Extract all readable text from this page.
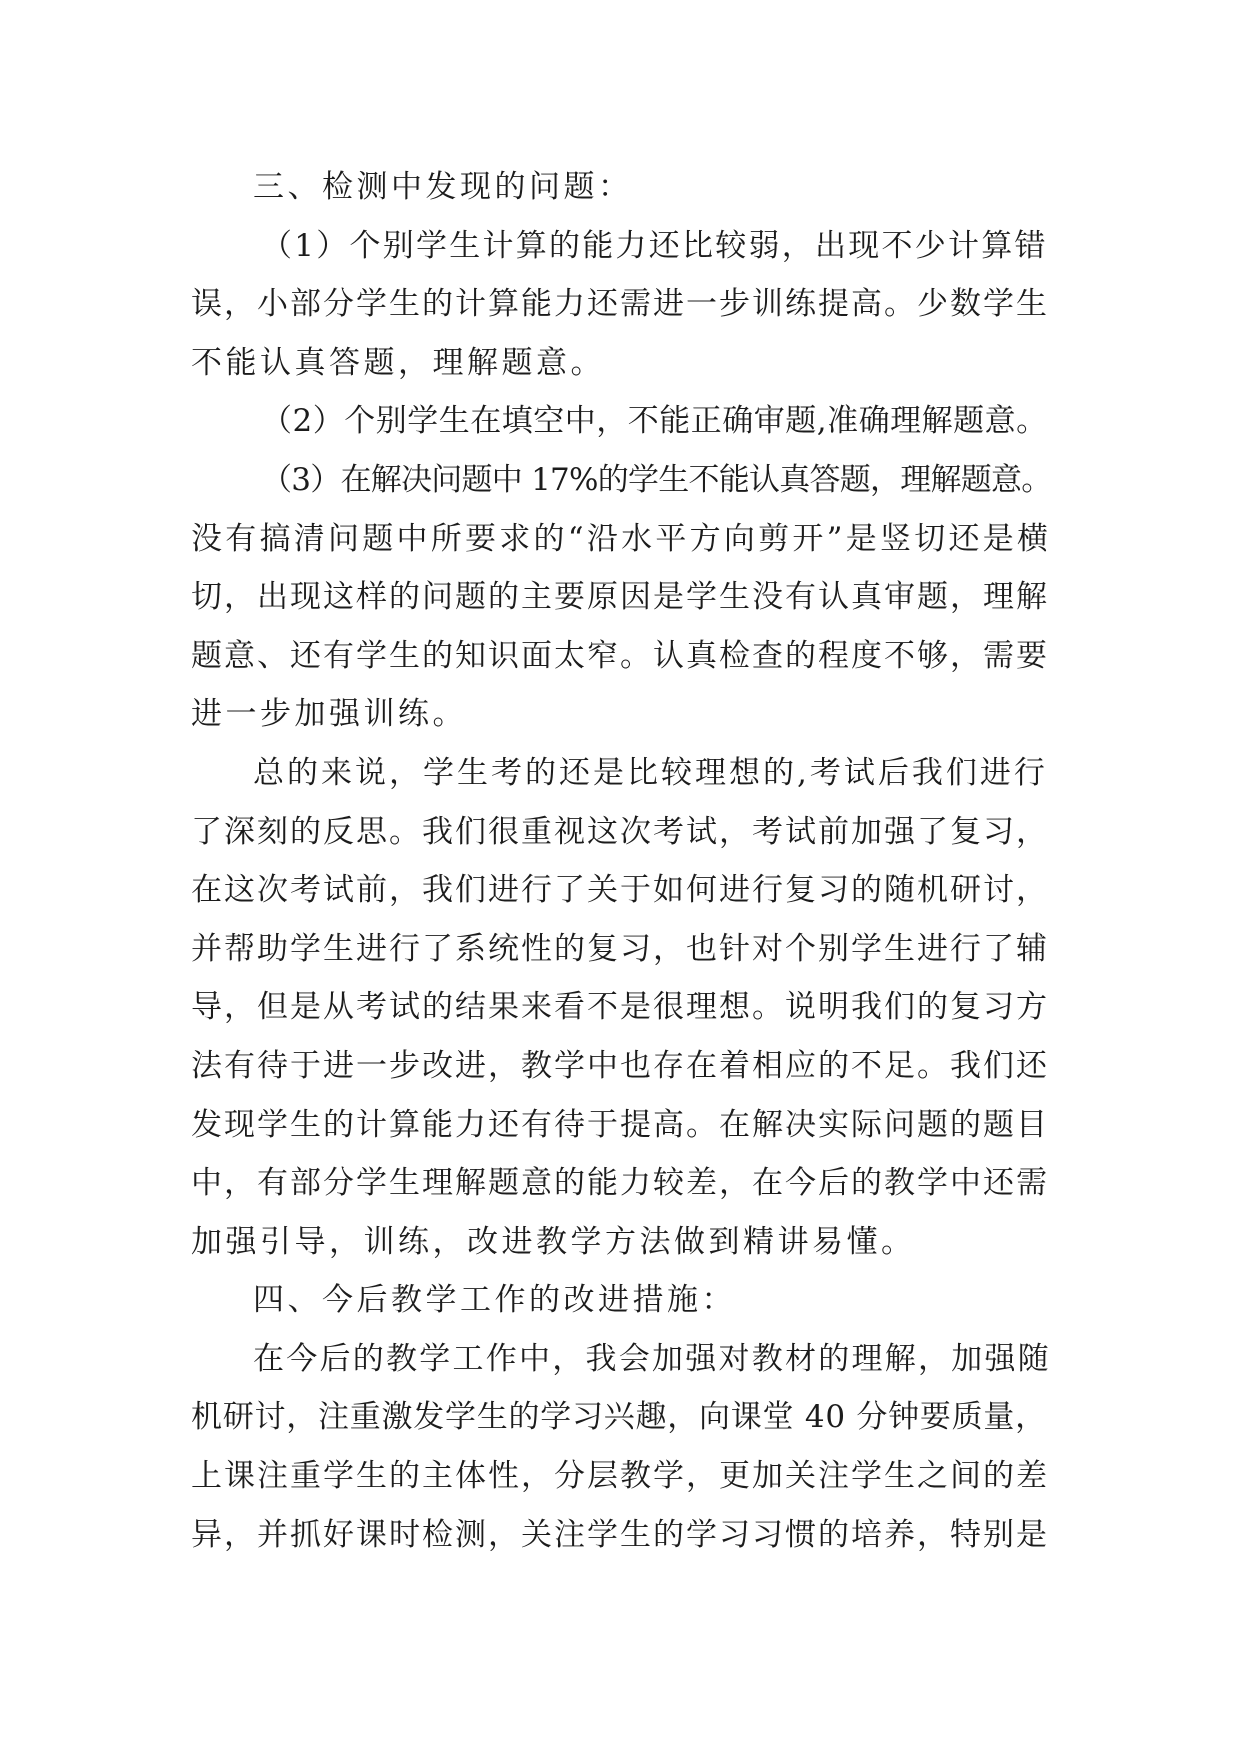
三、检测中发现的问题：
（1）个别学生计算的能力还比较弱，出现不少计算错
误，小部分学生的计算能力还需进一步训练提高。少数学生
不能认真答题，理解题意。
（2）个别学生在填空中，不能正确审题,准确理解题意。
（3）在解决问题中 17%的学生不能认真答题，理解题意。
没有搞清问题中所要求的“沿水平方向剪开”是竖切还是横
切，出现这样的问题的主要原因是学生没有认真审题，理解
题意、还有学生的知识面太窄。认真检查的程度不够，需要
进一步加强训练。
总的来说，学生考的还是比较理想的,考试后我们进行
了深刻的反思。我们很重视这次考试，考试前加强了复习，
在这次考试前，我们进行了关于如何进行复习的随机研讨，
并帮助学生进行了系统性的复习，也针对个别学生进行了辅
导，但是从考试的结果来看不是很理想。说明我们的复习方
法有待于进一步改进，教学中也存在着相应的不足。我们还
发现学生的计算能力还有待于提高。在解决实际问题的题目
中，有部分学生理解题意的能力较差，在今后的教学中还需
加强引导，训练，改进教学方法做到精讲易懂。
四、今后教学工作的改进措施：
在今后的教学工作中，我会加强对教材的理解，加强随
机研讨，注重激发学生的学习兴趣，向课堂 40 分钟要质量，
上课注重学生的主体性，分层教学，更加关注学生之间的差
异，并抓好课时检测，关注学生的学习习惯的培养，特别是
